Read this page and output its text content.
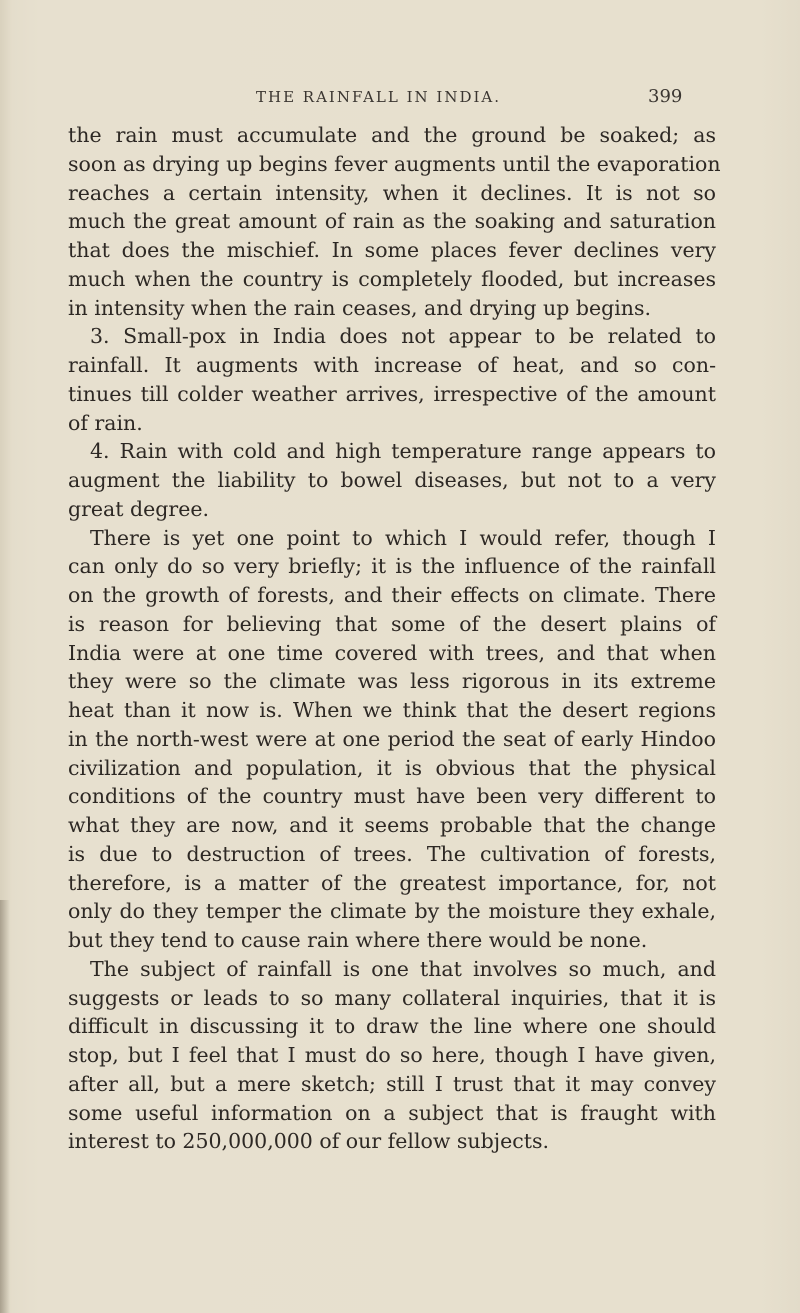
THE RAINFALL IN INDIA.	399
the rain must accumulate and the ground be soaked; as
soon as drying up begins fever augments until the evaporation
reaches a certain intensity, when it declines. It is not so
much the great amount of rain as the soaking and saturation
that does the mischief. In some places fever declines very
much when the country is completely flooded, but increases
in intensity when the rain ceases, and drying up begins.
3. Small-pox in India does not appear to be related to
rainfall. It augments with increase of heat, and so con-
tinues till colder weather arrives, irrespective of the amount
of rain.
4. Rain with cold and high temperature range appears to
augment the liability to bowel diseases, but not to a very
great degree.
There is yet one point to which I would refer, though I
can only do so very briefly; it is the influence of the rainfall
on the growth of forests, and their effects on climate. There
is reason for believing that some of the desert plains of
India were at one time covered with trees, and that when
they were so the climate was less rigorous in its extreme
heat than it now is. When we think that the desert regions
in the north-west were at one period the seat of early Hindoo
civilization and population, it is obvious that the physical
conditions of the country must have been very different to
what they are now, and it seems probable that the change
is due to destruction of trees. The cultivation of forests,
therefore, is a matter of the greatest importance, for, not
only do they temper the climate by the moisture they exhale,
but they tend to cause rain where there would be none.
The subject of rainfall is one that involves so much, and
suggests or leads to so many collateral inquiries, that it is
difficult in discussing it to draw the line where one should
stop, but I feel that I must do so here, though I have given,
after all, but a mere sketch; still I trust that it may convey
some useful information on a subject that is fraught with
interest to 250,000,000 of our fellow subjects.
